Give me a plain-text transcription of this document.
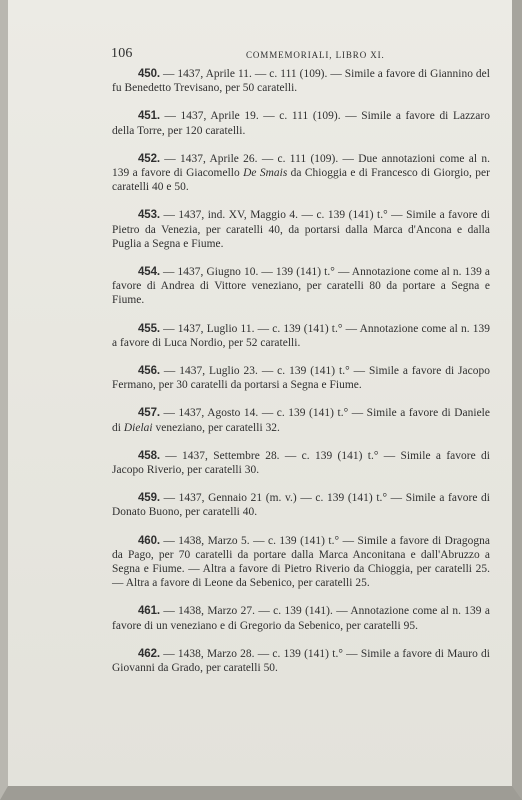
106	COMMEMORIALI, LIBRO XI.

450. — 1437, Aprile 11. — c. 111 (109). — Simile a favore di Giannino del fu Benedetto Trevisano, per 50 caratelli.

451. — 1437, Aprile 19. — c. 111 (109). — Simile a favore di Lazzaro della Torre, per 120 caratelli.

452. — 1437, Aprile 26. — c. 111 (109). — Due annotazioni come al n. 139 a favore di Giacomello De Smais da Chioggia e di Francesco di Giorgio, per caratelli 40 e 50.

453. — 1437, ind. XV, Maggio 4. — c. 139 (141) t.° — Simile a favore di Pietro da Venezia, per caratelli 40, da portarsi dalla Marca d'Ancona e dalla Puglia a Segna e Fiume.

454. — 1437, Giugno 10. — 139 (141) t.° — Annotazione come al n. 139 a favore di Andrea di Vittore veneziano, per caratelli 80 da portare a Segna e Fiume.

455. — 1437, Luglio 11. — c. 139 (141) t.° — Annotazione come al n. 139 a favore di Luca Nordio, per 52 caratelli.

456. — 1437, Luglio 23. — c. 139 (141) t.° — Simile a favore di Jacopo Fermano, per 30 caratelli da portarsi a Segna e Fiume.

457. — 1437, Agosto 14. — c. 139 (141) t.° — Simile a favore di Daniele di Dielai veneziano, per caratelli 32.

458. — 1437, Settembre 28. — c. 139 (141) t.° — Simile a favore di Jacopo Riverio, per caratelli 30.

459. — 1437, Gennaio 21 (m. v.) — c. 139 (141) t.° — Simile a favore di Donato Buono, per caratelli 40.

460. — 1438, Marzo 5. — c. 139 (141) t.° — Simile a favore di Dragogna da Pago, per 70 caratelli da portare dalla Marca Anconitana e dall'Abruzzo a Segna e Fiume. — Altra a favore di Pietro Riverio da Chioggia, per caratelli 25. — Altra a favore di Leone da Sebenico, per caratelli 25.

461. — 1438, Marzo 27. — c. 139 (141). — Annotazione come al n. 139 a favore di un veneziano e di Gregorio da Sebenico, per caratelli 95.

462. — 1438, Marzo 28. — c. 139 (141) t.° — Simile a favore di Mauro di Giovanni da Grado, per caratelli 50.
